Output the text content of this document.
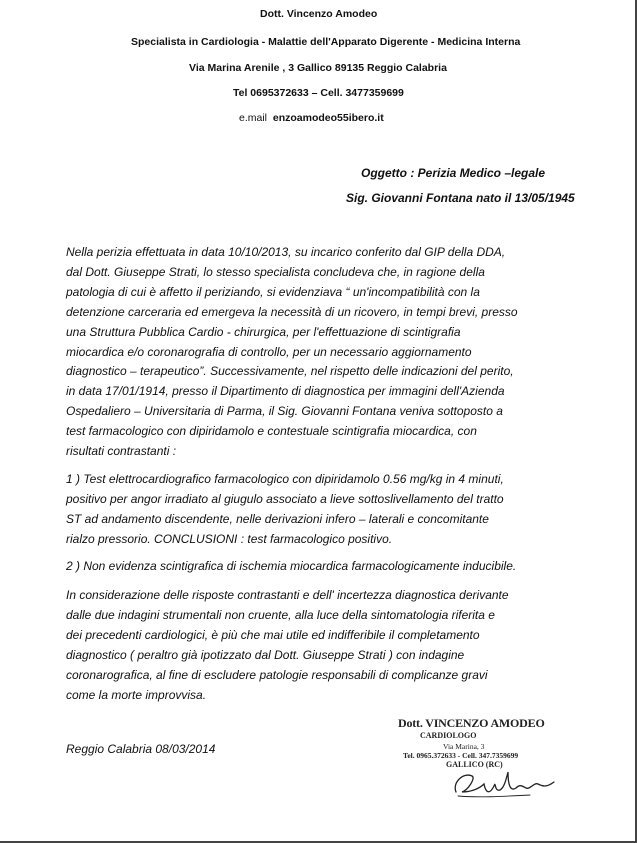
Dott. Vincenzo Amodeo
Specialista in Cardiologia - Malattie dell'Apparato Digerente - Medicina Interna
Via Marina Arenile , 3 Gallico 89135 Reggio Calabria
Tel 0695372633 – Cell. 3477359699
e.mail enzoamodeo55ibero.it
Oggetto : Perizia Medico –legale
Sig. Giovanni Fontana nato il 13/05/1945
Nella perizia effettuata in data 10/10/2013, su incarico conferito dal GIP della DDA,
dal Dott. Giuseppe Strati, lo stesso specialista concludeva che, in ragione della
patologia di cui è affetto il periziando, si evidenziava “ un'incompatibilità con la
detenzione carceraria ed emergeva la necessità di un ricovero, in tempi brevi, presso
una Struttura Pubblica Cardio - chirurgica, per l'effettuazione di scintigrafia
miocardica e/o coronarografia di controllo, per un necessario aggiornamento
diagnostico – terapeutico”. Successivamente, nel rispetto delle indicazioni del perito,
in data 17/01/1914, presso il Dipartimento di diagnostica per immagini dell'Azienda
Ospedaliero – Universitaria di Parma, il Sig. Giovanni Fontana veniva sottoposto a
test farmacologico con dipiridamolo e contestuale scintigrafia miocardica, con
risultati contrastanti :
1 ) Test elettrocardiografico farmacologico con dipiridamolo 0.56 mg/kg in 4 minuti,
positivo per angor irradiato al giugulo associato a lieve sottoslivellamento del tratto
ST ad andamento discendente, nelle derivazioni infero – laterali e concomitante
rialzo pressorio. CONCLUSIONI : test farmacologico positivo.
2 ) Non evidenza scintigrafica di ischemia miocardica farmacologicamente inducibile.
In considerazione delle risposte contrastanti e dell' incertezza diagnostica derivante
dalle due indagini strumentali non cruente, alla luce della sintomatologia riferita e
dei precedenti cardiologici, è più che mai utile ed indifferibile il completamento
diagnostico ( peraltro già ipotizzato dal Dott. Giuseppe Strati ) con indagine
coronarografica, al fine di escludere patologie responsabili di complicanze gravi
come la morte improvvisa.
Reggio Calabria 08/03/2014
Dott. VINCENZO AMODEO
CARDIOLOGO
Via Marina, 3
Tel. 0965.372633 - Cell. 347.7359699
GALLICO (RC)
